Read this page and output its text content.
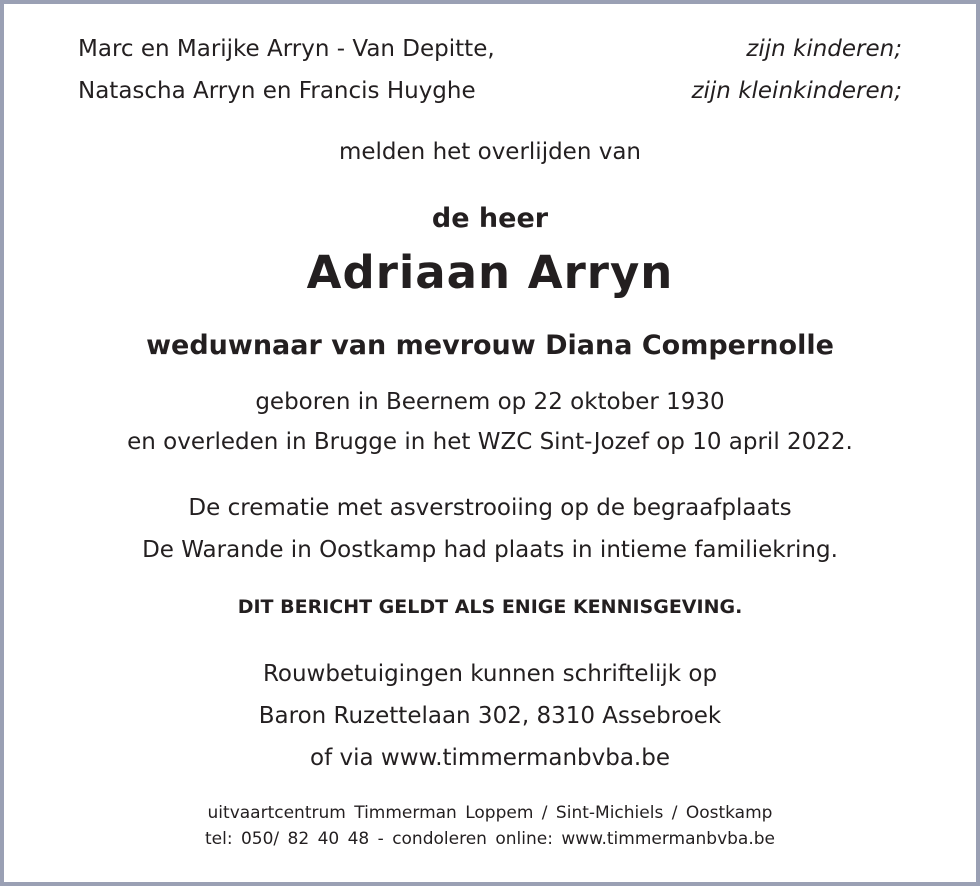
Marc en Marijke Arryn - Van Depitte,	zijn kinderen;
Natascha Arryn en Francis Huyghe	zijn kleinkinderen;
melden het overlijden van
de heer
Adriaan Arryn
weduwnaar van mevrouw Diana Compernolle
geboren in Beernem op 22 oktober 1930
en overleden in Brugge in het WZC Sint-Jozef op 10 april 2022.
De crematie met asverstrooiing op de begraafplaats
De Warande in Oostkamp had plaats in intieme familiekring.
DIT BERICHT GELDT ALS ENIGE KENNISGEVING.
Rouwbetuigingen kunnen schriftelijk op
Baron Ruzettelaan 302, 8310 Assebroek
of via www.timmermanbvba.be
uitvaartcentrum Timmerman Loppem / Sint-Michiels / Oostkamp
tel: 050/ 82 40 48 - condoleren online: www.timmermanbvba.be
